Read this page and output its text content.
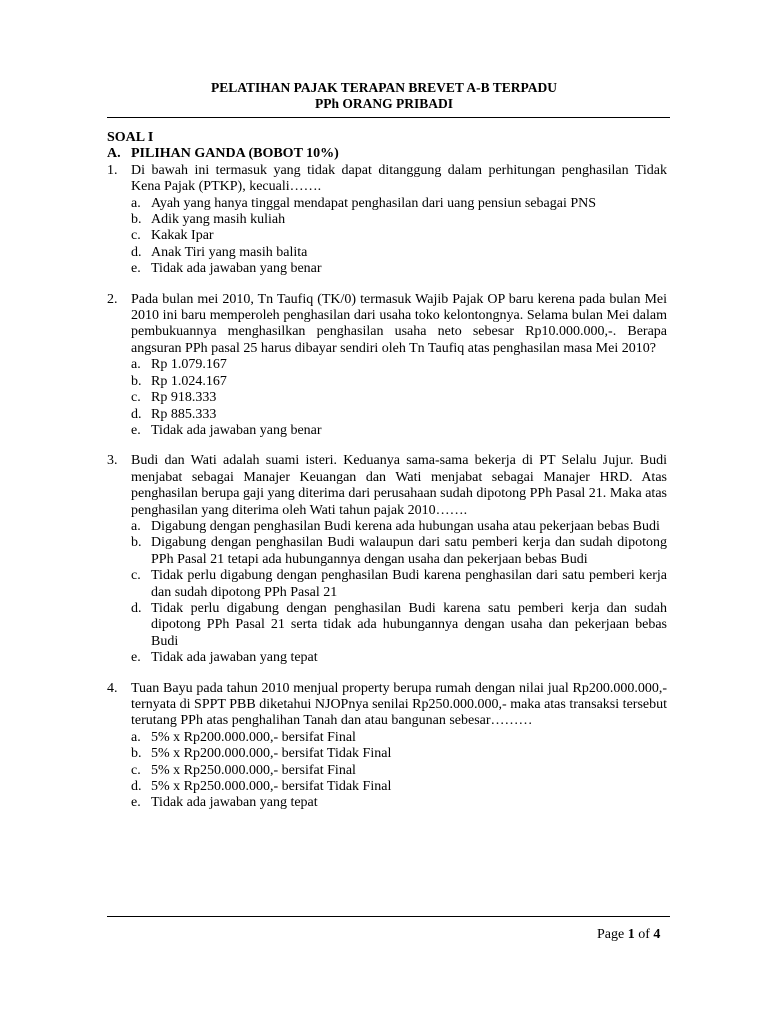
PELATIHAN PAJAK TERAPAN BREVET A-B TERPADU
PPh ORANG PRIBADI
SOAL I
A. PILIHAN GANDA (BOBOT 10%)
1. Di bawah ini termasuk yang tidak dapat ditanggung dalam perhitungan penghasilan Tidak Kena Pajak (PTKP), kecuali…….
a. Ayah yang hanya tinggal mendapat penghasilan dari uang pensiun sebagai PNS
b. Adik yang masih kuliah
c. Kakak Ipar
d. Anak Tiri yang masih balita
e. Tidak ada jawaban yang benar
2. Pada bulan mei 2010, Tn Taufiq (TK/0) termasuk Wajib Pajak OP baru kerena pada bulan Mei 2010 ini baru memperoleh penghasilan dari usaha toko kelontongnya. Selama bulan Mei dalam pembukuannya menghasilkan penghasilan usaha neto sebesar Rp10.000.000,-. Berapa angsuran PPh pasal 25 harus dibayar sendiri oleh Tn Taufiq atas penghasilan masa Mei 2010?
a. Rp 1.079.167
b. Rp 1.024.167
c. Rp 918.333
d. Rp 885.333
e. Tidak ada jawaban yang benar
3. Budi dan Wati adalah suami isteri. Keduanya sama-sama bekerja di PT Selalu Jujur. Budi menjabat sebagai Manajer Keuangan dan Wati menjabat sebagai Manajer HRD. Atas penghasilan berupa gaji yang diterima dari perusahaan sudah dipotong PPh Pasal 21. Maka atas penghasilan yang diterima oleh Wati tahun pajak 2010…….
a. Digabung dengan penghasilan Budi kerena ada hubungan usaha atau pekerjaan bebas Budi
b. Digabung dengan penghasilan Budi walaupun dari satu pemberi kerja dan sudah dipotong PPh Pasal 21 tetapi ada hubungannya dengan usaha dan pekerjaan bebas Budi
c. Tidak perlu digabung dengan penghasilan Budi karena penghasilan dari satu pemberi kerja dan sudah dipotong PPh Pasal 21
d. Tidak perlu digabung dengan penghasilan Budi karena satu pemberi kerja dan sudah dipotong PPh Pasal 21 serta tidak ada hubungannya dengan usaha dan pekerjaan bebas Budi
e. Tidak ada jawaban yang tepat
4. Tuan Bayu pada tahun 2010 menjual property berupa rumah dengan nilai jual Rp200.000.000,- ternyata di SPPT PBB diketahui NJOPnya senilai Rp250.000.000,- maka atas transaksi tersebut terutang PPh atas penghalihan Tanah dan atau bangunan sebesar………
a. 5% x Rp200.000.000,- bersifat Final
b. 5% x Rp200.000.000,- bersifat Tidak Final
c. 5% x Rp250.000.000,- bersifat Final
d. 5% x Rp250.000.000,- bersifat Tidak Final
e. Tidak ada jawaban yang tepat
Page 1 of 4
